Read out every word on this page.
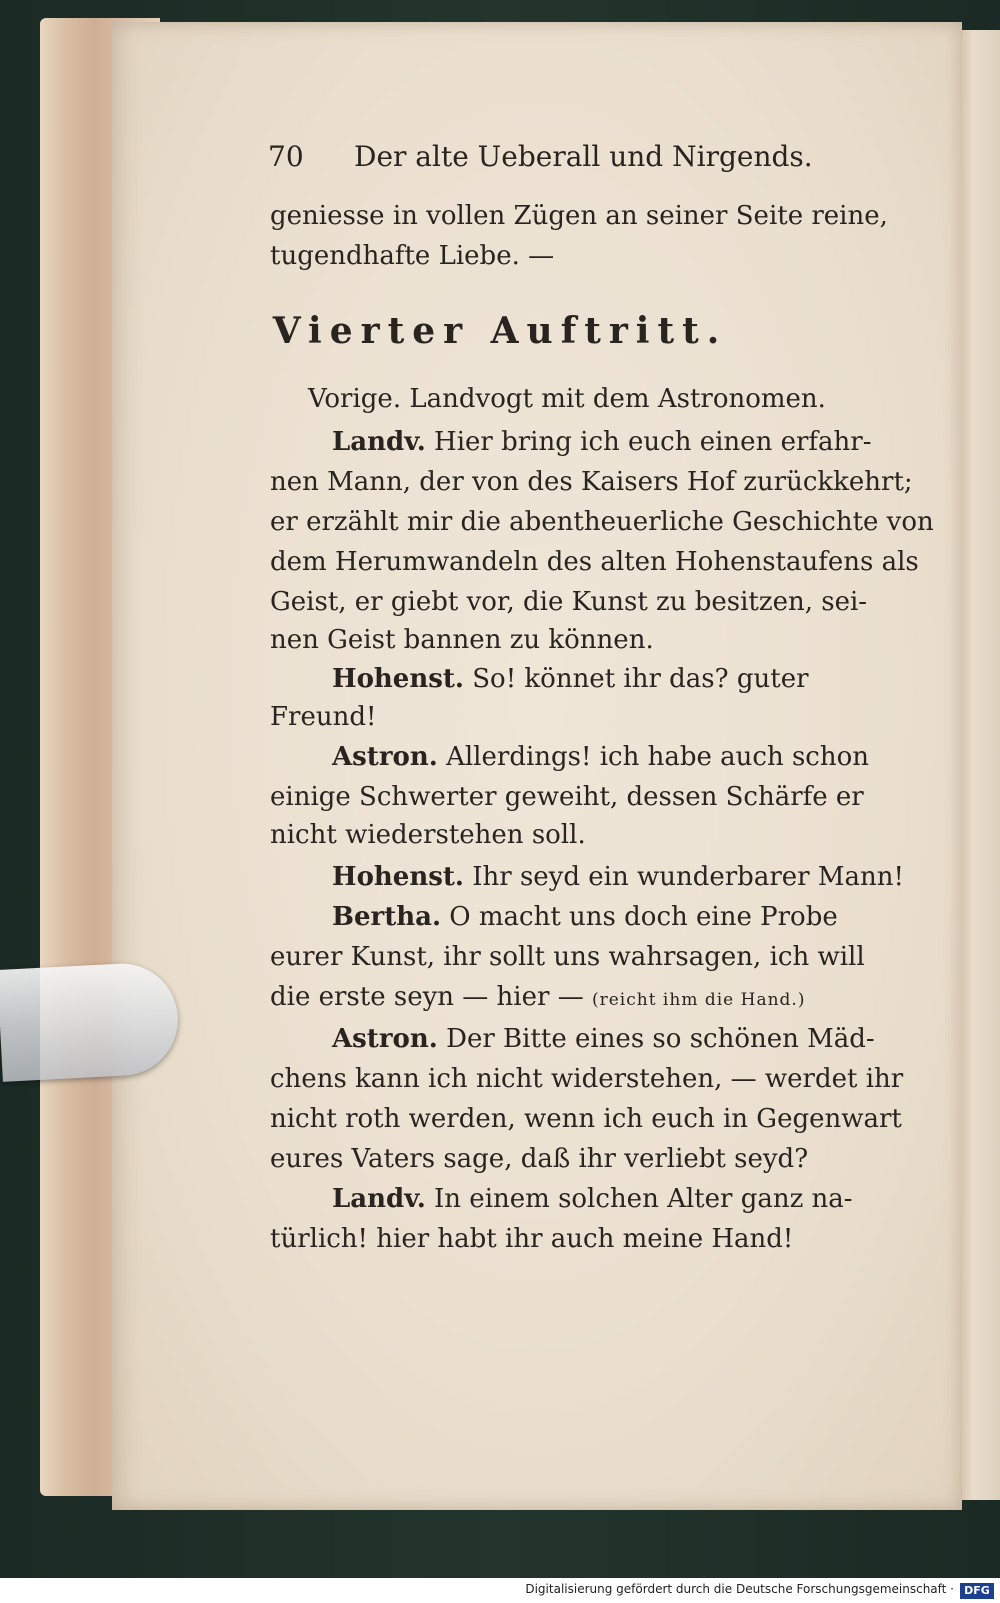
70 Der alte Ueberall und Nirgends.
geniesse in vollen Zügen an seiner Seite reine,
tugendhafte Liebe. —
Vierter Auftritt.
Vorige. Landvogt mit dem Astronomen.
Landv. Hier bring ich euch einen erfahr-
nen Mann, der von des Kaisers Hof zurückkehrt;
er erzählt mir die abentheuerliche Geschichte von
dem Herumwandeln des alten Hohenstaufens als
Geist, er giebt vor, die Kunst zu besitzen, sei-
nen Geist bannen zu können.
Hohenst. So! könnet ihr das? guter
Freund!
Astron. Allerdings! ich habe auch schon
einige Schwerter geweiht, dessen Schärfe er
nicht wiederstehen soll.
Hohenst. Ihr seyd ein wunderbarer Mann!
Bertha. O macht uns doch eine Probe
eurer Kunst, ihr sollt uns wahrsagen, ich will
die erste seyn — hier — (reicht ihm die Hand.)
Astron. Der Bitte eines so schönen Mäd-
chens kann ich nicht widerstehen, — werdet ihr
nicht roth werden, wenn ich euch in Gegenwart
eures Vaters sage, daß ihr verliebt seyd?
Landv. In einem solchen Alter ganz na-
türlich! hier habt ihr auch meine Hand!
Digitalisierung gefördert durch die Deutsche Forschungsgemeinschaft · DFG
